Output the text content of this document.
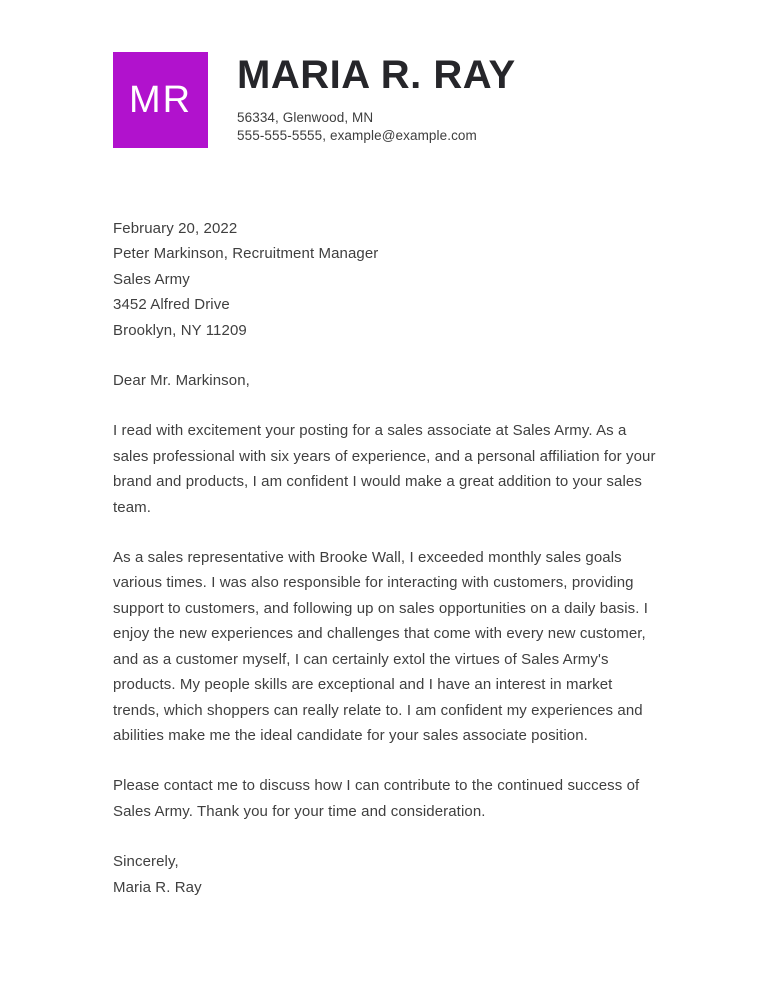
MR
MARIA R. RAY
56334, Glenwood, MN
555-555-5555, example@example.com
February 20, 2022
Peter Markinson, Recruitment Manager
Sales Army
3452 Alfred Drive
Brooklyn, NY 11209

Dear Mr. Markinson,

I read with excitement your posting for a sales associate at Sales Army. As a sales professional with six years of experience, and a personal affiliation for your brand and products, I am confident I would make a great addition to your sales team.

As a sales representative with Brooke Wall, I exceeded monthly sales goals various times. I was also responsible for interacting with customers, providing support to customers, and following up on sales opportunities on a daily basis. I enjoy the new experiences and challenges that come with every new customer, and as a customer myself, I can certainly extol the virtues of Sales Army's products. My people skills are exceptional and I have an interest in market trends, which shoppers can really relate to. I am confident my experiences and abilities make me the ideal candidate for your sales associate position.

Please contact me to discuss how I can contribute to the continued success of Sales Army. Thank you for your time and consideration.

Sincerely,
Maria R. Ray
